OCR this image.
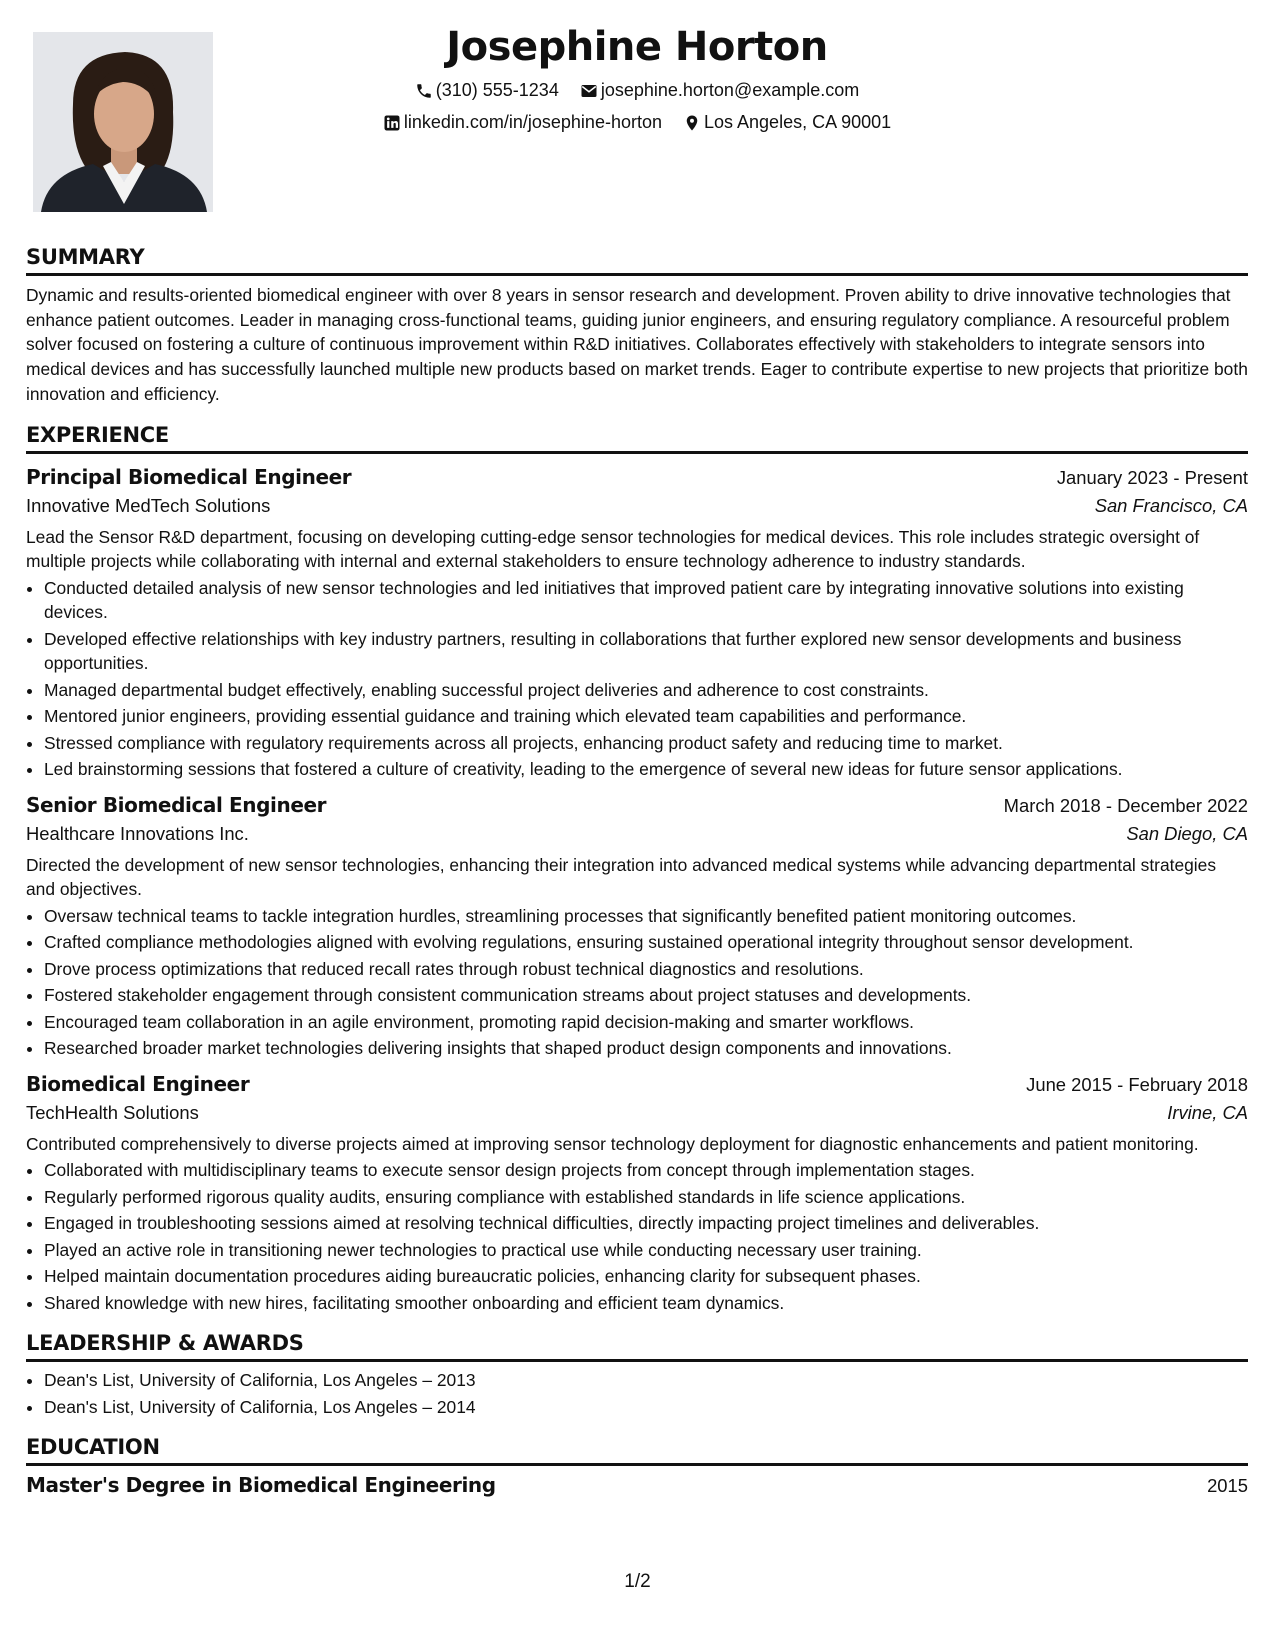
Josephine Horton
(310) 555-1234
josephine.horton@example.com
linkedin.com/in/josephine-horton
Los Angeles, CA 90001
SUMMARY
Dynamic and results-oriented biomedical engineer with over 8 years in sensor research and development. Proven ability to drive innovative technologies that enhance patient outcomes. Leader in managing cross-functional teams, guiding junior engineers, and ensuring regulatory compliance. A resourceful problem solver focused on fostering a culture of continuous improvement within R&D initiatives. Collaborates effectively with stakeholders to integrate sensors into medical devices and has successfully launched multiple new products based on market trends. Eager to contribute expertise to new projects that prioritize both innovation and efficiency.
EXPERIENCE
Principal Biomedical Engineer	January 2023 - Present
Innovative MedTech Solutions	San Francisco, CA
Lead the Sensor R&D department, focusing on developing cutting-edge sensor technologies for medical devices. This role includes strategic oversight of multiple projects while collaborating with internal and external stakeholders to ensure technology adherence to industry standards.
• Conducted detailed analysis of new sensor technologies and led initiatives that improved patient care by integrating innovative solutions into existing devices.
• Developed effective relationships with key industry partners, resulting in collaborations that further explored new sensor developments and business opportunities.
• Managed departmental budget effectively, enabling successful project deliveries and adherence to cost constraints.
• Mentored junior engineers, providing essential guidance and training which elevated team capabilities and performance.
• Stressed compliance with regulatory requirements across all projects, enhancing product safety and reducing time to market.
• Led brainstorming sessions that fostered a culture of creativity, leading to the emergence of several new ideas for future sensor applications.
Senior Biomedical Engineer	March 2018 - December 2022
Healthcare Innovations Inc.	San Diego, CA
Directed the development of new sensor technologies, enhancing their integration into advanced medical systems while advancing departmental strategies and objectives.
• Oversaw technical teams to tackle integration hurdles, streamlining processes that significantly benefited patient monitoring outcomes.
• Crafted compliance methodologies aligned with evolving regulations, ensuring sustained operational integrity throughout sensor development.
• Drove process optimizations that reduced recall rates through robust technical diagnostics and resolutions.
• Fostered stakeholder engagement through consistent communication streams about project statuses and developments.
• Encouraged team collaboration in an agile environment, promoting rapid decision-making and smarter workflows.
• Researched broader market technologies delivering insights that shaped product design components and innovations.
Biomedical Engineer	June 2015 - February 2018
TechHealth Solutions	Irvine, CA
Contributed comprehensively to diverse projects aimed at improving sensor technology deployment for diagnostic enhancements and patient monitoring.
• Collaborated with multidisciplinary teams to execute sensor design projects from concept through implementation stages.
• Regularly performed rigorous quality audits, ensuring compliance with established standards in life science applications.
• Engaged in troubleshooting sessions aimed at resolving technical difficulties, directly impacting project timelines and deliverables.
• Played an active role in transitioning newer technologies to practical use while conducting necessary user training.
• Helped maintain documentation procedures aiding bureaucratic policies, enhancing clarity for subsequent phases.
• Shared knowledge with new hires, facilitating smoother onboarding and efficient team dynamics.
LEADERSHIP & AWARDS
• Dean's List, University of California, Los Angeles – 2013
• Dean's List, University of California, Los Angeles – 2014
EDUCATION
Master's Degree in Biomedical Engineering	2015
1/2
